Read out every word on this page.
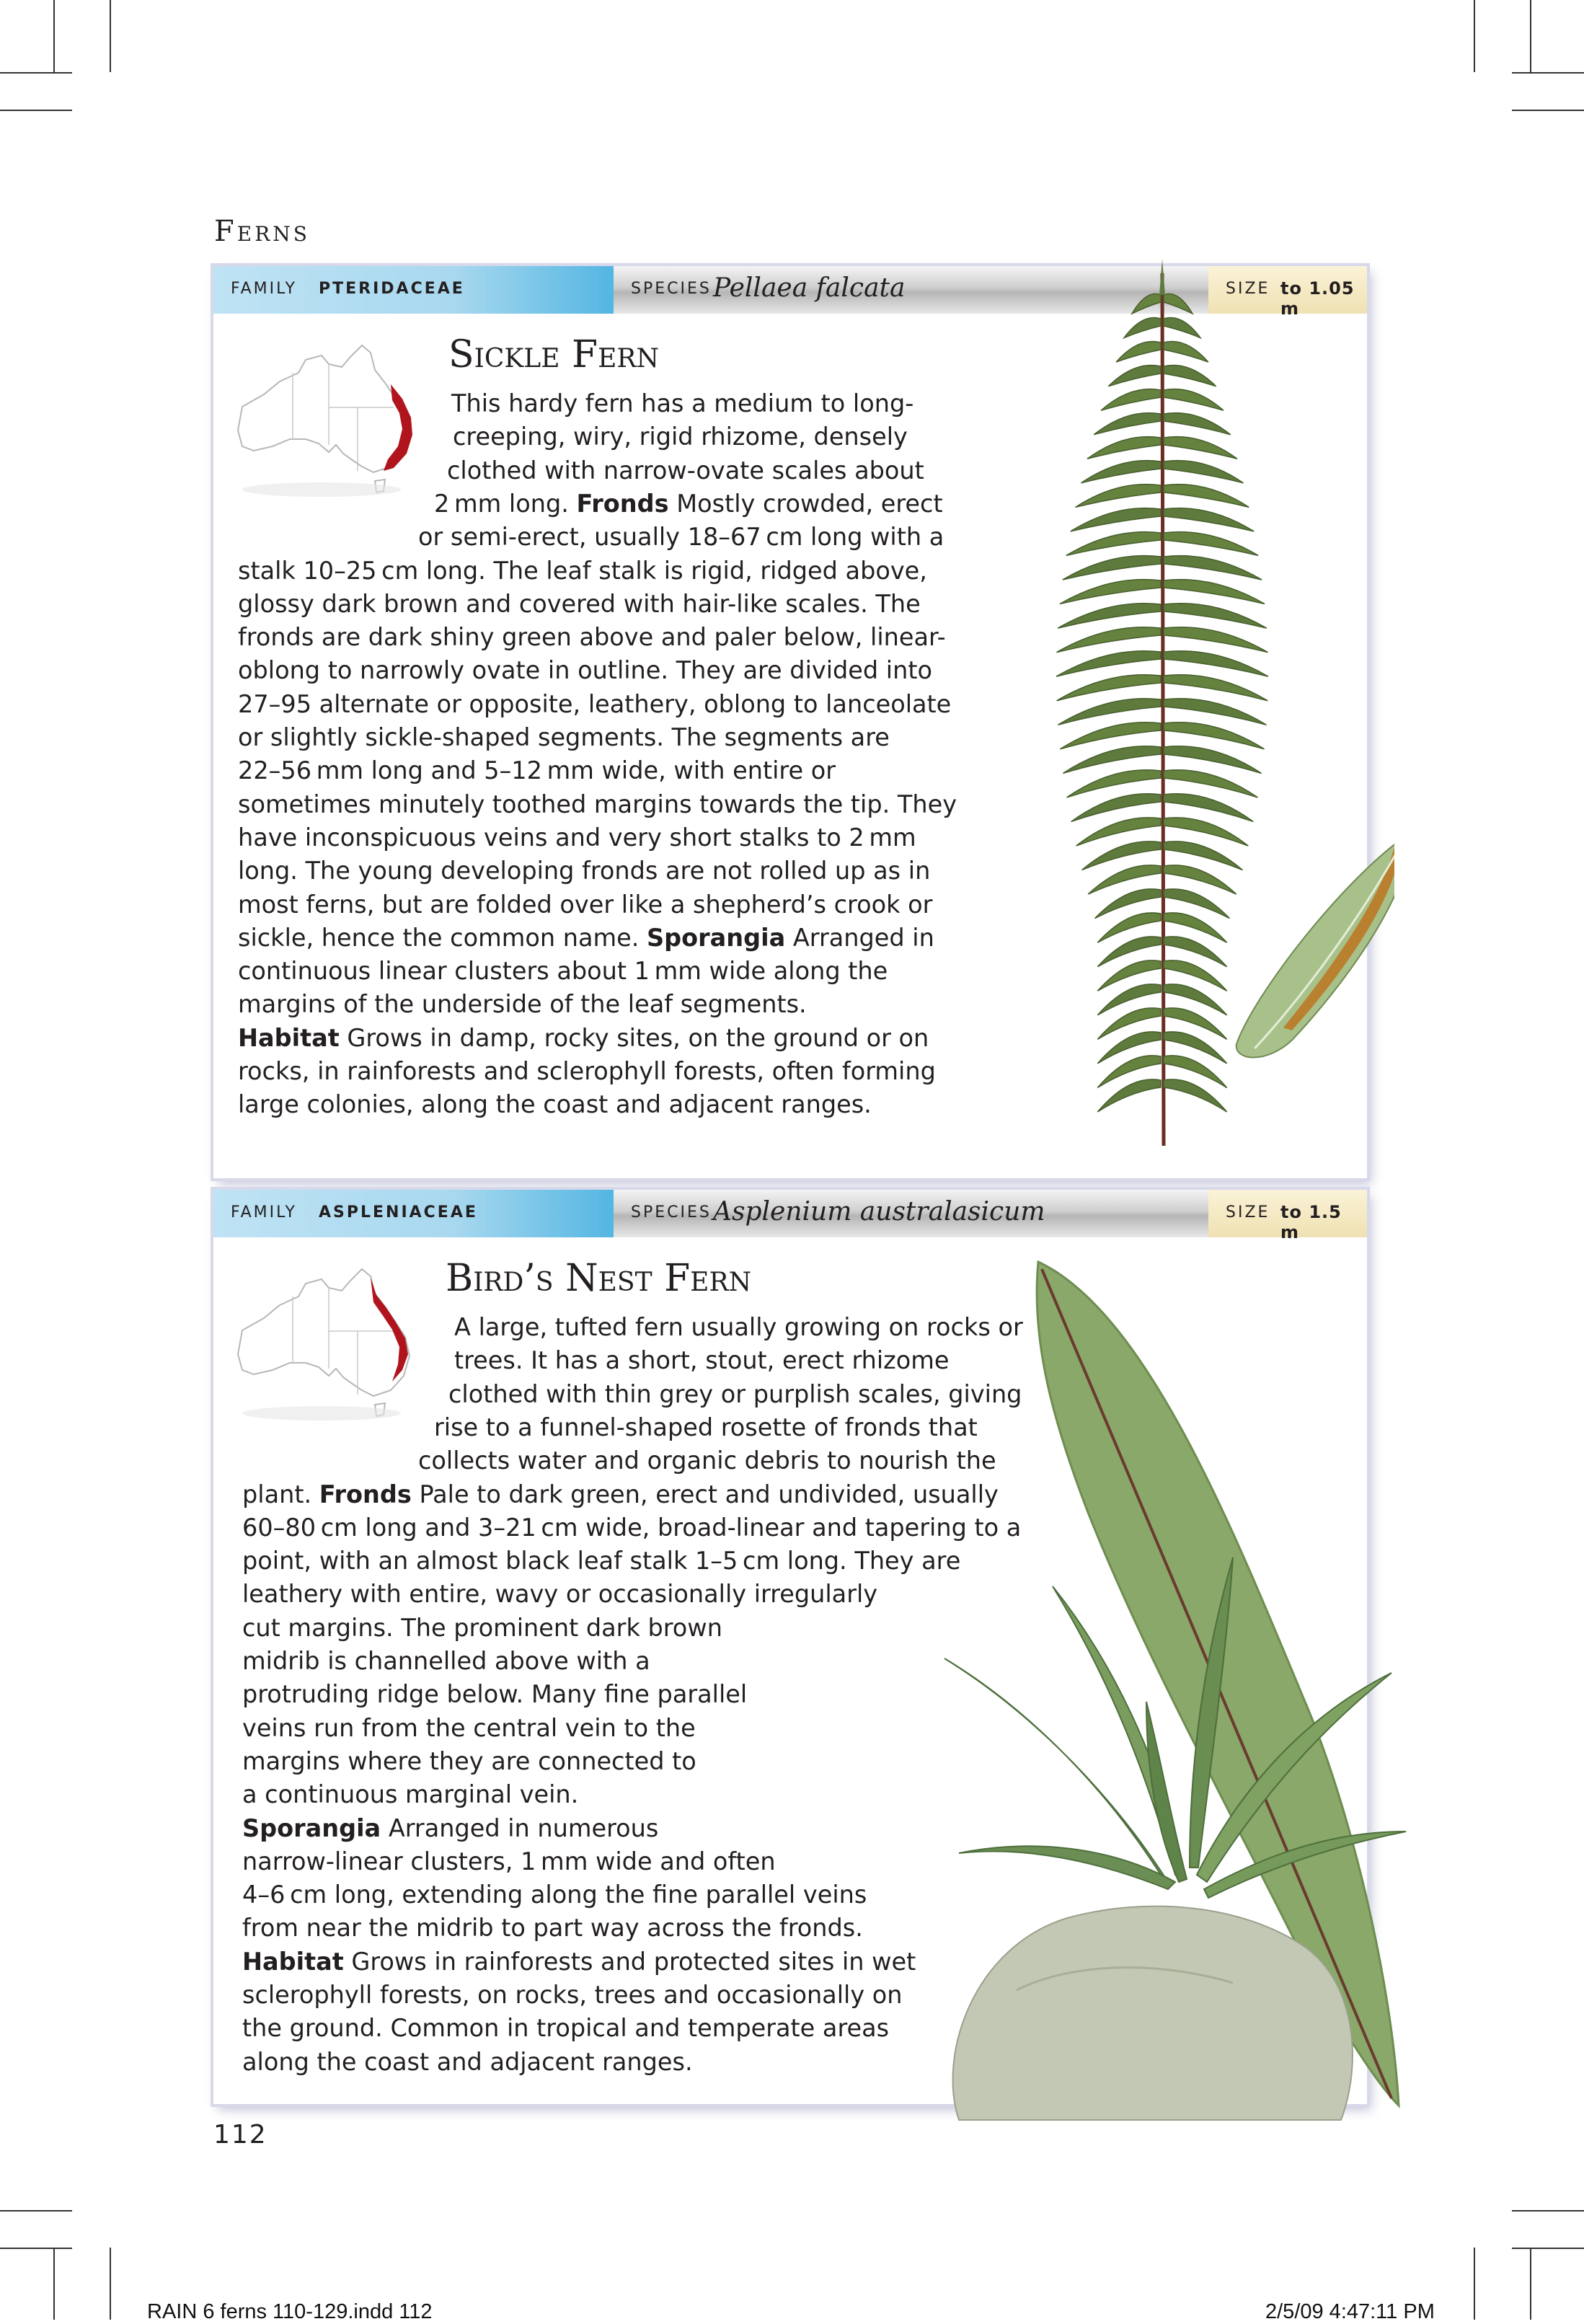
Ferns
FAMILY PTERIDACEAE	SPECIES Pellaea falcata	SIZE to 1.05 m
Sickle Fern
This hardy fern has a medium to long-
creeping, wiry, rigid rhizome, densely
clothed with narrow-ovate scales about
2 mm long. Fronds Mostly crowded, erect
or semi-erect, usually 18–67 cm long with a
stalk 10–25 cm long. The leaf stalk is rigid, ridged above,
glossy dark brown and covered with hair-like scales. The
fronds are dark shiny green above and paler below, linear-
oblong to narrowly ovate in outline. They are divided into
27–95 alternate or opposite, leathery, oblong to lanceolate
or slightly sickle-shaped segments. The segments are
22–56 mm long and 5–12 mm wide, with entire or
sometimes minutely toothed margins towards the tip. They
have inconspicuous veins and very short stalks to 2 mm
long. The young developing fronds are not rolled up as in
most ferns, but are folded over like a shepherd’s crook or
sickle, hence the common name. Sporangia Arranged in
continuous linear clusters about 1 mm wide along the
margins of the underside of the leaf segments.
Habitat Grows in damp, rocky sites, on the ground or on
rocks, in rainforests and sclerophyll forests, often forming
large colonies, along the coast and adjacent ranges.
FAMILY ASPLENIACEAE	SPECIES Asplenium australasicum	SIZE to 1.5 m
Bird’s Nest Fern
A large, tufted fern usually growing on rocks or
trees. It has a short, stout, erect rhizome
clothed with thin grey or purplish scales, giving
rise to a funnel-shaped rosette of fronds that
collects water and organic debris to nourish the
plant. Fronds Pale to dark green, erect and undivided, usually
60–80 cm long and 3–21 cm wide, broad-linear and tapering to a
point, with an almost black leaf stalk 1–5 cm long. They are
leathery with entire, wavy or occasionally irregularly
cut margins. The prominent dark brown
midrib is channelled above with a
protruding ridge below. Many fine parallel
veins run from the central vein to the
margins where they are connected to
a continuous marginal vein.
Sporangia Arranged in numerous
narrow-linear clusters, 1 mm wide and often
4–6 cm long, extending along the fine parallel veins
from near the midrib to part way across the fronds.
Habitat Grows in rainforests and protected sites in wet
sclerophyll forests, on rocks, trees and occasionally on
the ground. Common in tropical and temperate areas
along the coast and adjacent ranges.
112
RAIN 6 ferns 110-129.indd 112	2/5/09 4:47:11 PM
